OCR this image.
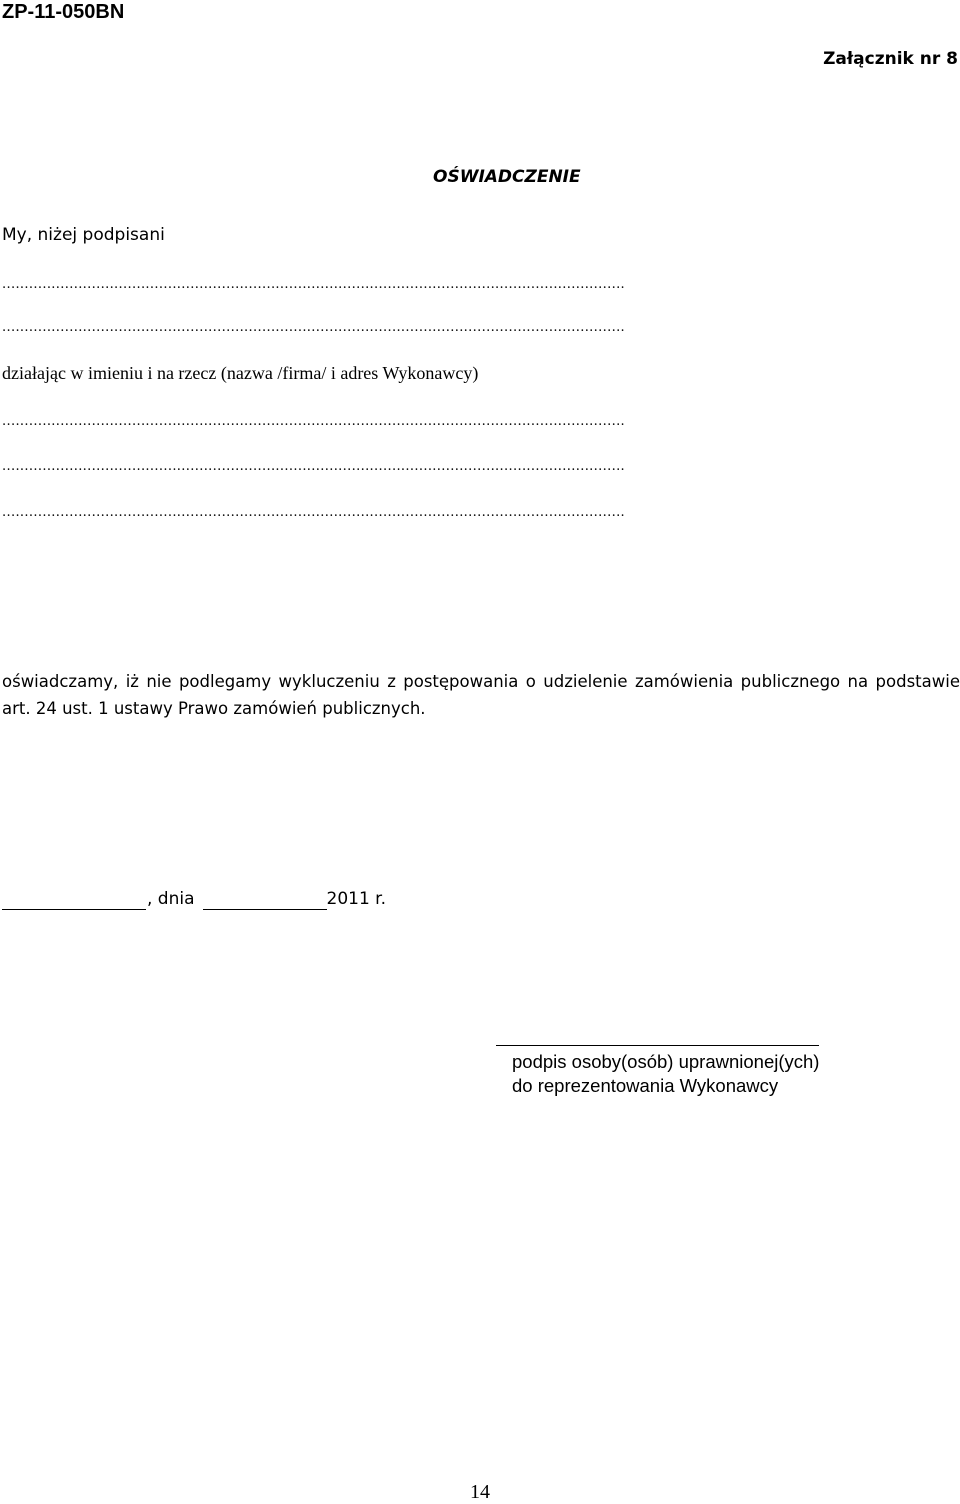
ZP-11-050BN
Załącznik nr 8
OŚWIADCZENIE
My, niżej podpisani
...........................................................................................................................................
...........................................................................................................................................
działając w imieniu i na rzecz (nazwa /firma/ i adres Wykonawcy)
...........................................................................................................................................
...........................................................................................................................................
...........................................................................................................................................
oświadczamy, iż nie podlegamy wykluczeniu z postępowania o udzielenie zamówienia publicznego na podstawie art. 24 ust. 1 ustawy Prawo zamówień publicznych.
, dnia	2011 r.
podpis osoby(osób) uprawnionej(ych)
do reprezentowania Wykonawcy
14
